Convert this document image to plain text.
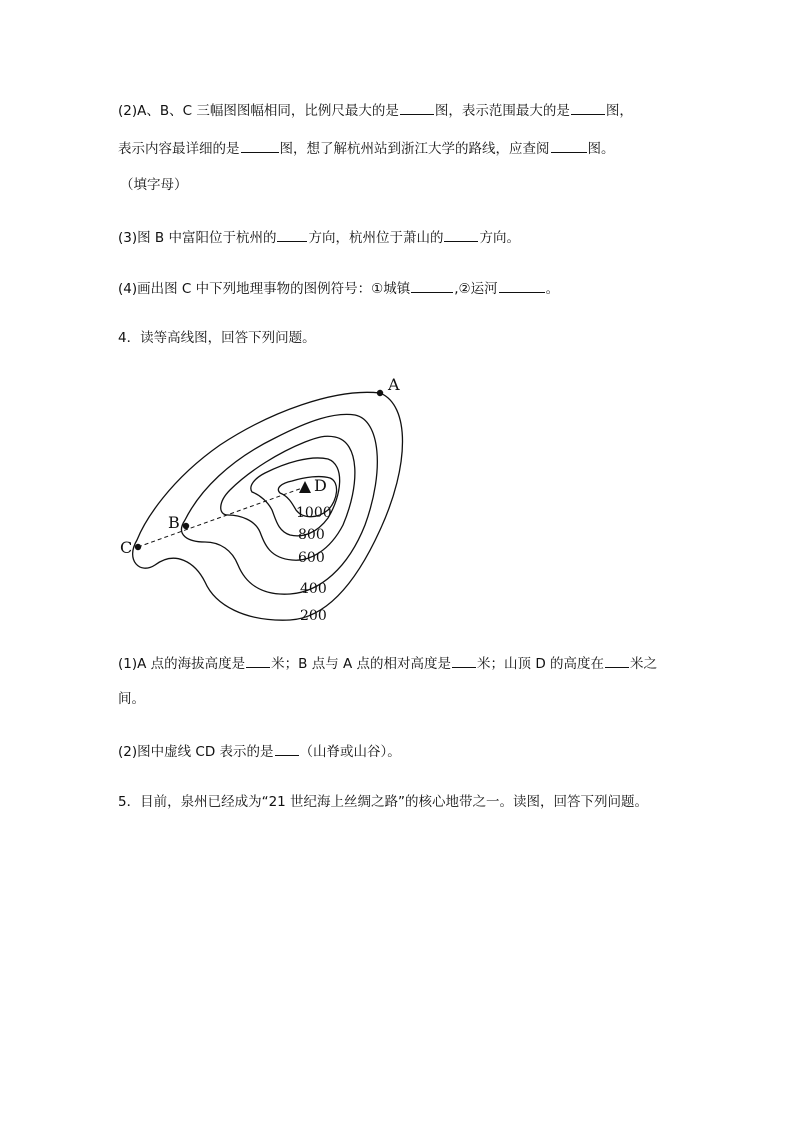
(2)A、B、C 三幅图图幅相同，比例尺最大的是	图，表示范围最大的是	图，
表示内容最详细的是	图，想了解杭州站到浙江大学的路线，应查阅	图。
（填字母）
(3)图 B 中富阳位于杭州的 方向，杭州位于萧山的	方向。
(4)画出图 C 中下列地理事物的图例符号：①城镇	,②运河	。
4．读等高线图，回答下列问题。
A
B
C
D
1000
800
600
400
200
(1)A 点的海拔高度是 米；B 点与 A 点的相对高度是 米；山顶 D 的高度在 米之
间。
(2)图中虚线 CD 表示的是 （山脊或山谷）。
5．目前，泉州已经成为“21 世纪海上丝绸之路”的核心地带之一。读图，回答下列问题。
